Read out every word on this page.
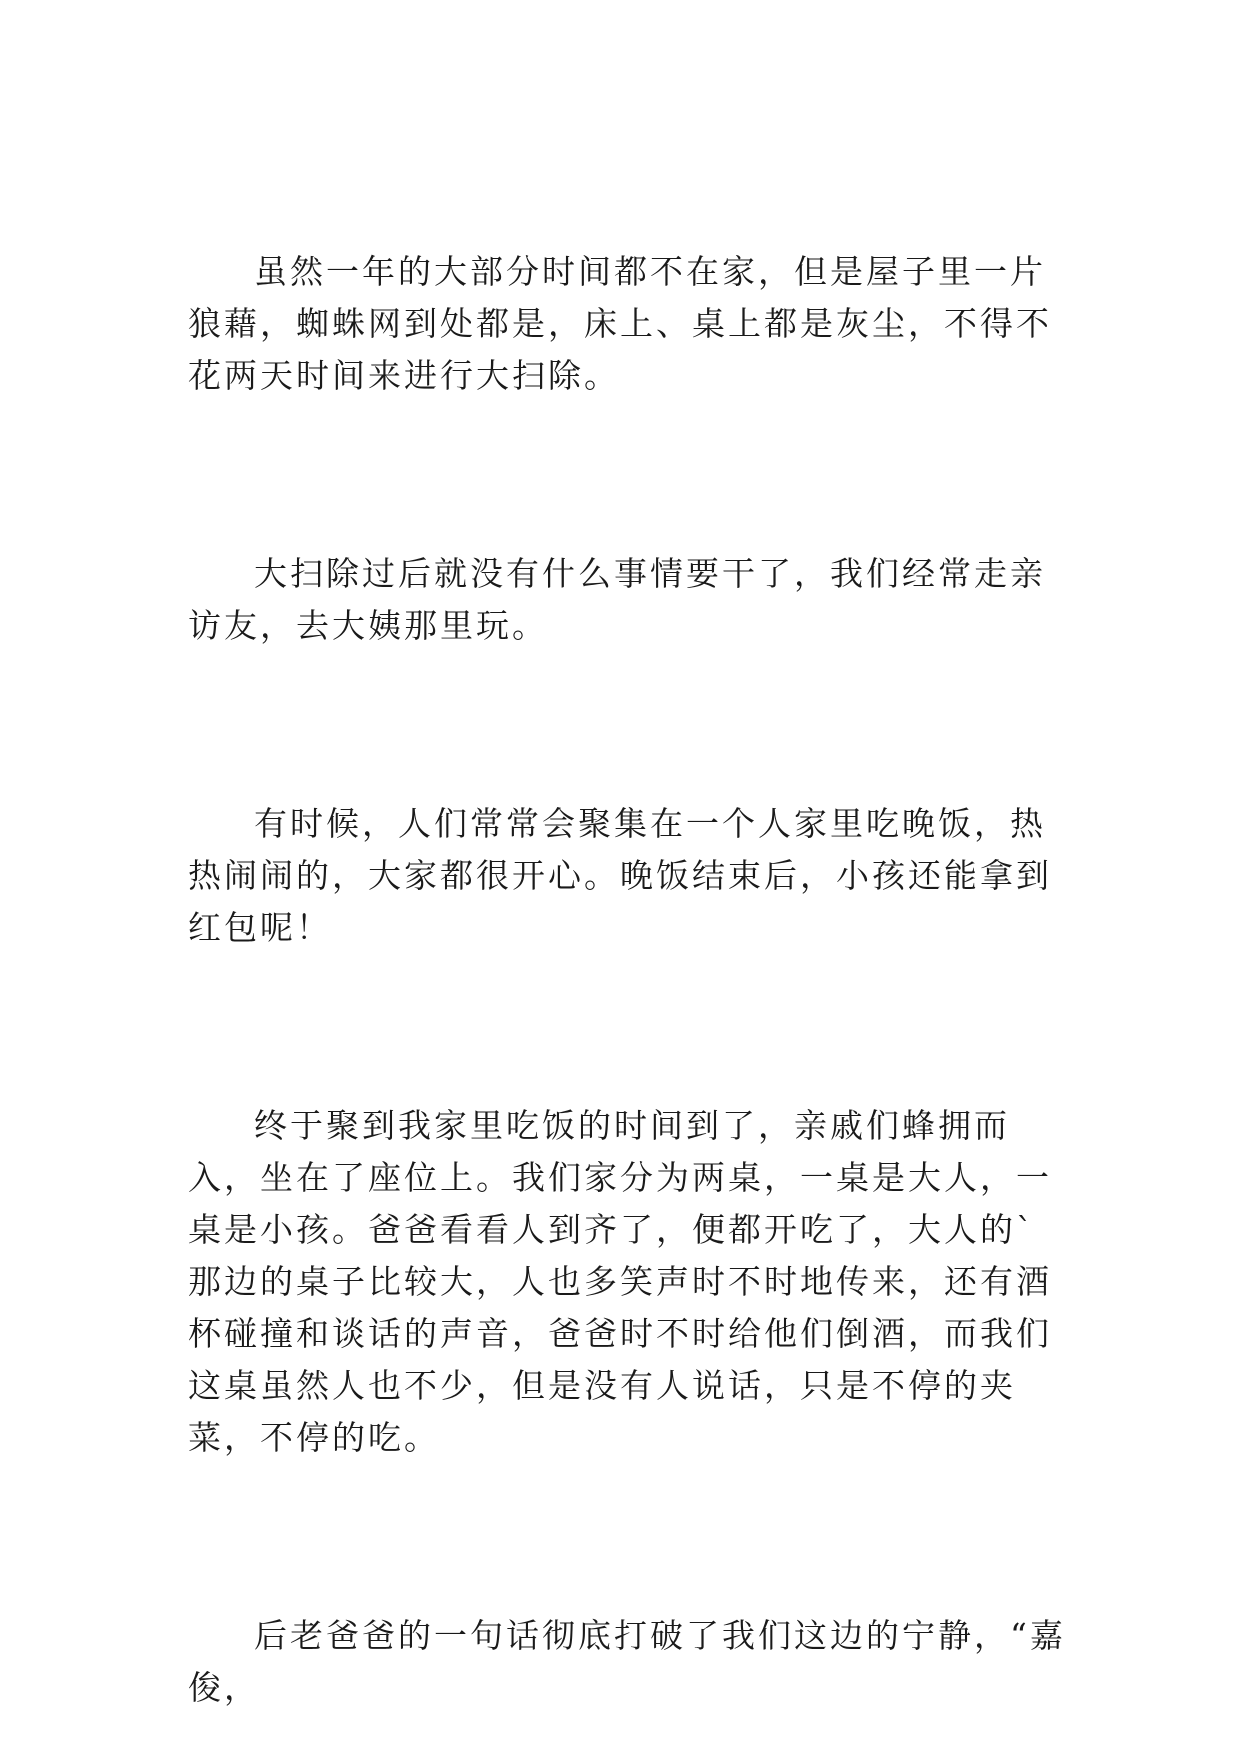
虽然一年的大部分时间都不在家，但是屋子里一片狼藉，蜘蛛网到处都是，床上、桌上都是灰尘，不得不花两天时间来进行大扫除。

大扫除过后就没有什么事情要干了，我们经常走亲访友，去大姨那里玩。

有时候，人们常常会聚集在一个人家里吃晚饭，热热闹闹的，大家都很开心。晚饭结束后，小孩还能拿到红包呢！

终于聚到我家里吃饭的时间到了，亲戚们蜂拥而入，坐在了座位上。我们家分为两桌，一桌是大人，一桌是小孩。爸爸看看人到齐了，便都开吃了，大人的`那边的桌子比较大，人也多笑声时不时地传来，还有酒杯碰撞和谈话的声音，爸爸时不时给他们倒酒，而我们这桌虽然人也不少，但是没有人说话，只是不停的夹菜，不停的吃。

后老爸爸的一句话彻底打破了我们这边的宁静，“嘉俊，
